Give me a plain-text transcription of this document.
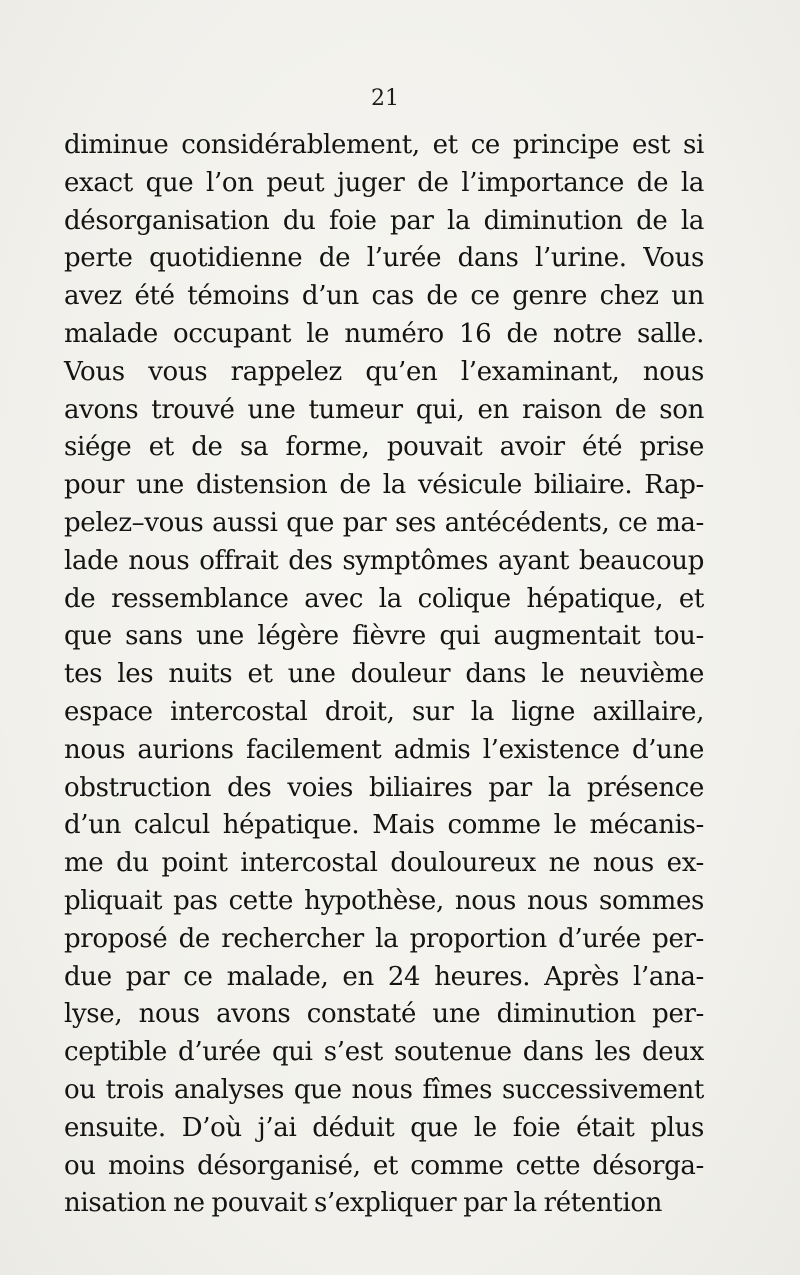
21
diminue considérablement, et ce principe est si
exact que l’on peut juger de l’importance de la
désorganisation du foie par la diminution de la
perte quotidienne de l’urée dans l’urine. Vous
avez été témoins d’un cas de ce genre chez un
malade occupant le numéro 16 de notre salle.
Vous vous rappelez qu’en l’examinant, nous
avons trouvé une tumeur qui, en raison de son
siége et de sa forme, pouvait avoir été prise
pour une distension de la vésicule biliaire. Rap-
pelez–vous aussi que par ses antécédents, ce ma-
lade nous offrait des symptômes ayant beaucoup
de ressemblance avec la colique hépatique, et
que sans une légère fièvre qui augmentait tou-
tes les nuits et une douleur dans le neuvième
espace intercostal droit, sur la ligne axillaire,
nous aurions facilement admis l’existence d’une
obstruction des voies biliaires par la présence
d’un calcul hépatique. Mais comme le mécanis-
me du point intercostal douloureux ne nous ex-
pliquait pas cette hypothèse, nous nous sommes
proposé de rechercher la proportion d’urée per-
due par ce malade, en 24 heures. Après l’ana-
lyse, nous avons constaté une diminution per-
ceptible d’urée qui s’est soutenue dans les deux
ou trois analyses que nous fîmes successivement
ensuite. D’où j’ai déduit que le foie était plus
ou moins désorganisé, et comme cette désorga-
nisation ne pouvait s’expliquer par la rétention
